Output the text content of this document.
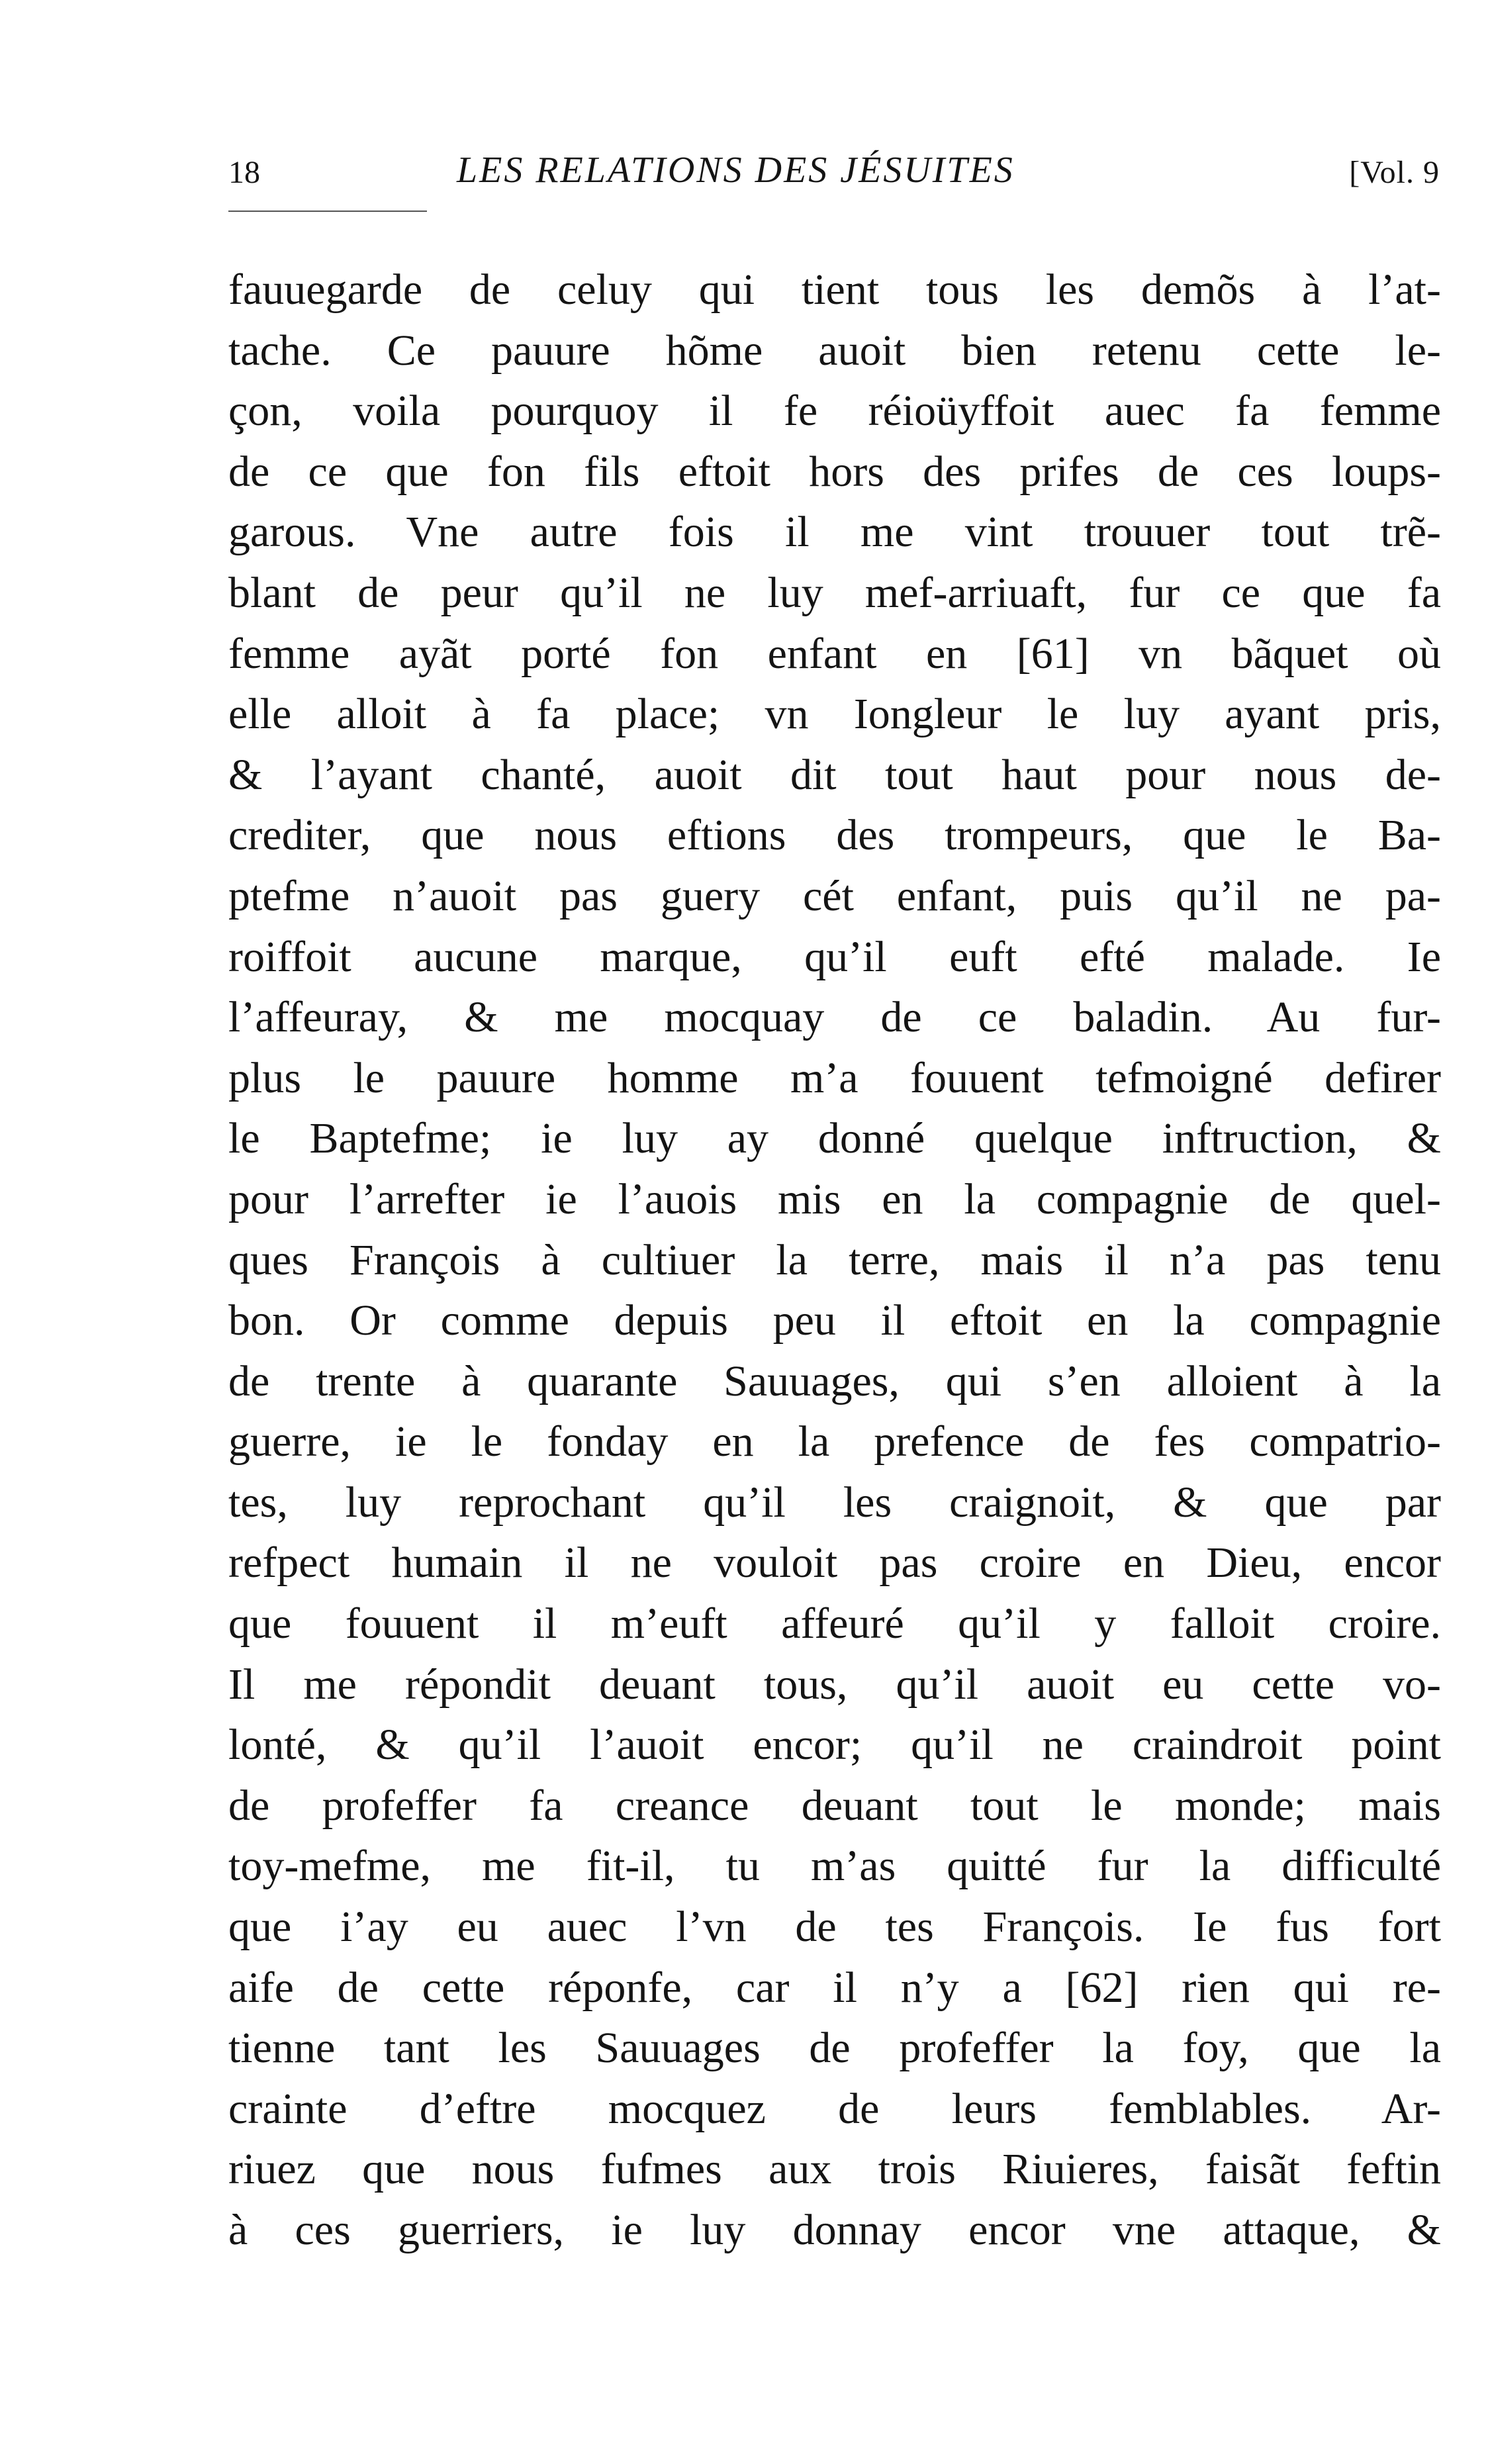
18	LES RELATIONS DES JÉSUITES	[Vol. 9
fauuegarde de celuy qui tient tous les demõs à l’at-
tache. Ce pauure hõme auoit bien retenu cette le-
çon, voila pourquoy il fe réioüyffoit auec fa femme
de ce que fon fils eftoit hors des prifes de ces loups-
garous. Vne autre fois il me vint trouuer tout trẽ-
blant de peur qu’il ne luy mef-arriuaft, fur ce que fa
femme ayãt porté fon enfant en [61] vn bãquet où
elle alloit à fa place; vn Iongleur le luy ayant pris,
& l’ayant chanté, auoit dit tout haut pour nous de-
crediter, que nous eftions des trompeurs, que le Ba-
ptefme n’auoit pas guery cét enfant, puis qu’il ne pa-
roiffoit aucune marque, qu’il euft efté malade. Ie
l’affeuray, & me mocquay de ce baladin. Au fur-
plus le pauure homme m’a fouuent tefmoigné defirer
le Baptefme; ie luy ay donné quelque inftruction, &
pour l’arrefter ie l’auois mis en la compagnie de quel-
ques François à cultiuer la terre, mais il n’a pas tenu
bon. Or comme depuis peu il eftoit en la compagnie
de trente à quarante Sauuages, qui s’en alloient à la
guerre, ie le fonday en la prefence de fes compatrio-
tes, luy reprochant qu’il les craignoit, & que par
refpect humain il ne vouloit pas croire en Dieu, encor
que fouuent il m’euft affeuré qu’il y falloit croire.
Il me répondit deuant tous, qu’il auoit eu cette vo-
lonté, & qu’il l’auoit encor; qu’il ne craindroit point
de profeffer fa creance deuant tout le monde; mais
toy-mefme, me fit-il, tu m’as quitté fur la difficulté
que i’ay eu auec l’vn de tes François. Ie fus fort
aife de cette réponfe, car il n’y a [62] rien qui re-
tienne tant les Sauuages de profeffer la foy, que la
crainte d’eftre mocquez de leurs femblables. Ar-
riuez que nous fufmes aux trois Riuieres, faisãt feftin
à ces guerriers, ie luy donnay encor vne attaque, &
